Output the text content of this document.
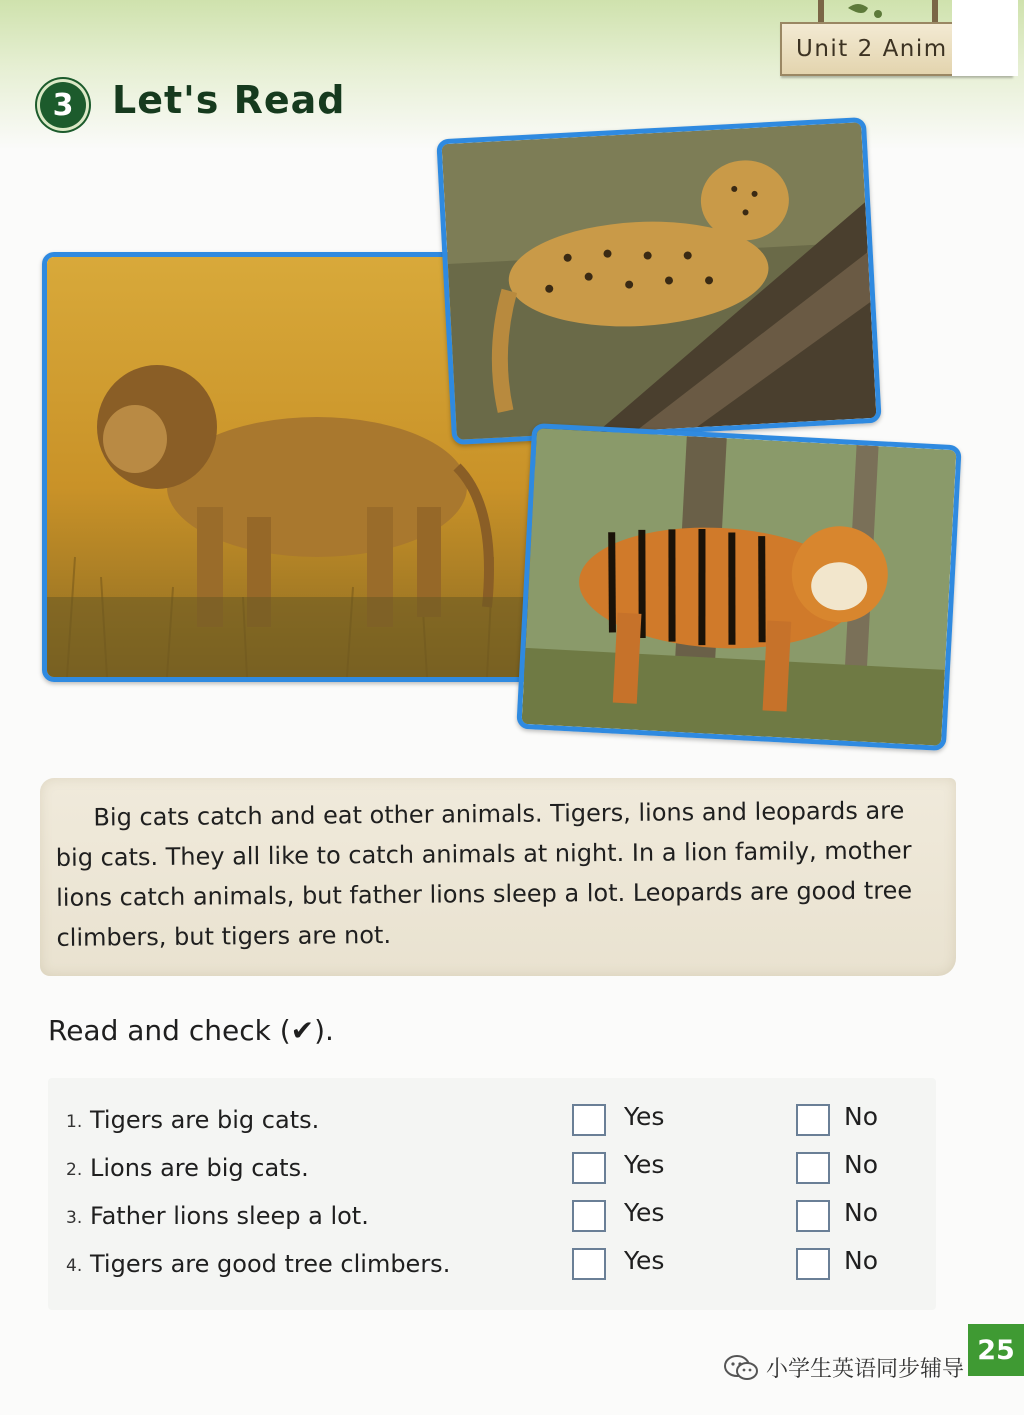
Unit 2 Anim
3	Let's Read

Big cats catch and eat other animals. Tigers, lions and leopards are big cats. They all like to catch animals at night. In a lion family, mother lions catch animals, but father lions sleep a lot. Leopards are good tree climbers, but tigers are not.

Read and check (✔).

1. Tigers are big cats.	Yes	No
2. Lions are big cats.	Yes	No
3. Father lions sleep a lot.	Yes	No
4. Tigers are good tree climbers.	Yes	No
25
小学生英语同步辅导
